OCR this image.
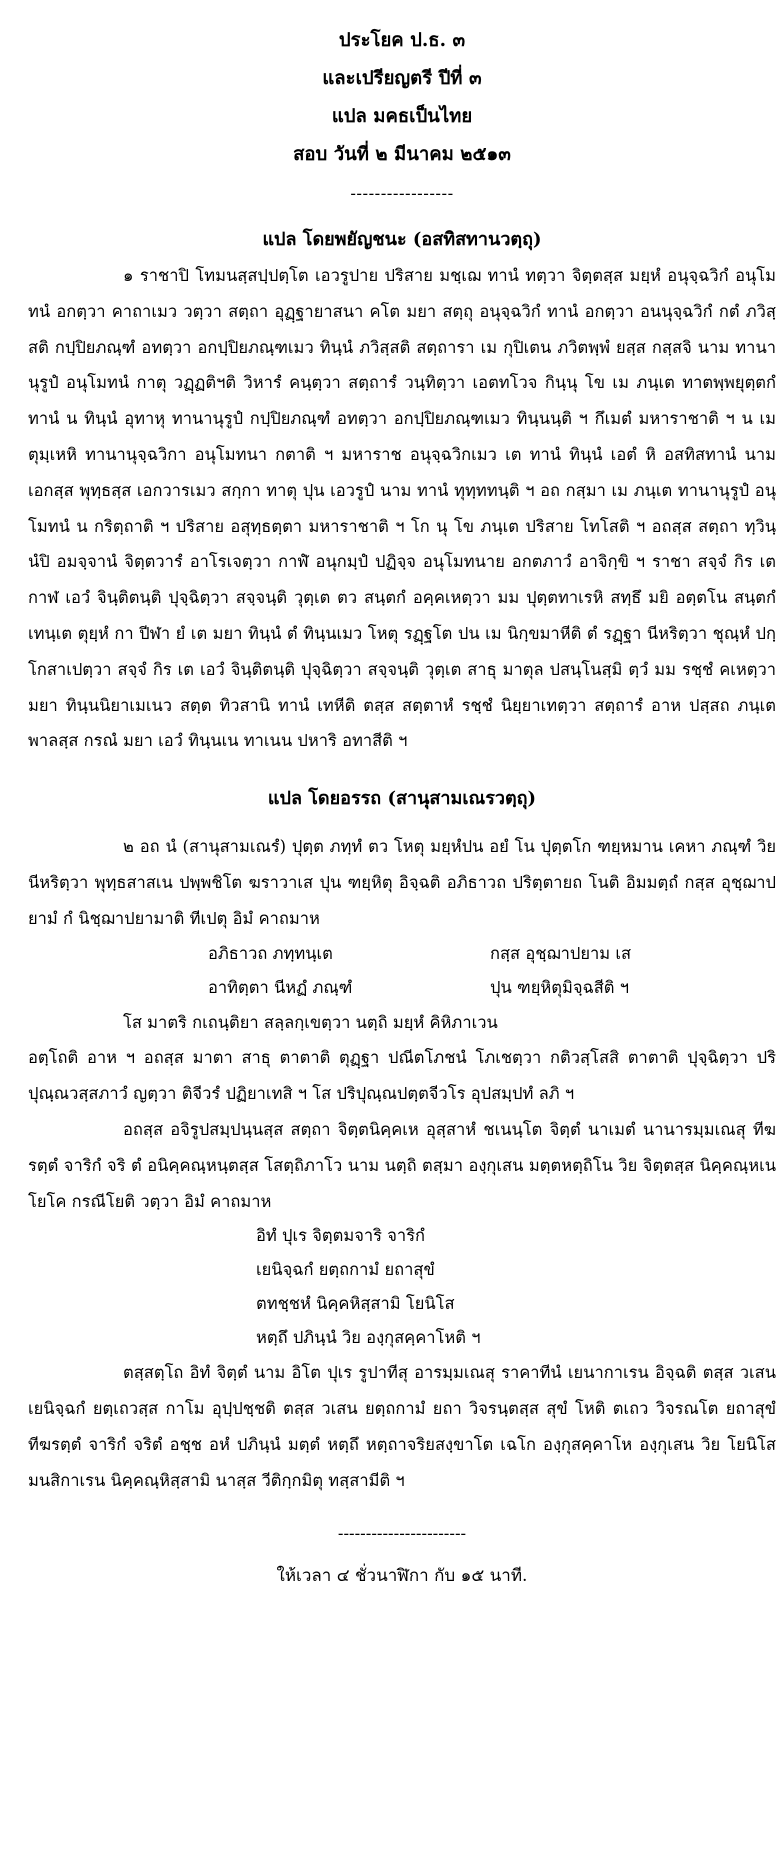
ประโยค ป.ธ. ๓

และเปรียญตรี ปีที่ ๓

แปล มคธเป็นไทย

สอบ วันที่ ๒ มีนาคม ๒๕๑๓

-----------------
แปล โดยพยัญชนะ (อสทิสทานวตฺถุ)

๑ ราชาปิ โทมนสฺสปฺปตฺโต เอวรูปาย ปริสาย มชฺเฌ ทานํ ทตฺวา จิตฺตสฺส มยฺหํ อนุจฺฉวิกํ อนุโมทนํ อกตฺวา คาถาเมว วตฺวา สตฺถา อุฏฺฐายาสนา คโต มยา สตฺถุ อนุจฺฉวิกํ ทานํ อกตฺวา อนนุจฺฉวิกํ กตํ ภวิสฺสติ กปฺปิยภณฺฑํ อทตฺวา อกปฺปิยภณฺฑเมว ทินฺนํ ภวิสฺสติ สตฺถารา เม กุปิเตน ภวิตพฺพํ ยสฺส กสฺสจิ นาม ทานานุรูปํ อนุโมทนํ กาตุ วฏฺฏติฯติ วิหารํ คนฺตฺวา สตฺถารํ วนฺทิตฺวา เอตทโวจ กินฺนุ โข เม ภนฺเต ทาตพฺพยุตฺตกํ ทานํ น ทินฺนํ อุทาหุ ทานานุรูปํ กปฺปิยภณฺฑํ อทตฺวา อกปฺปิยภณฺฑเมว ทินฺนนฺติ ฯ กึเมตํ มหาราชาติ ฯ น เม ตุมฺเหหิ ทานานุจฺฉวิกา อนุโมทนา กตาติ ฯ มหาราช อนุจฺฉวิกเมว เต ทานํ ทินฺนํ เอตํ หิ อสทิสทานํ นาม เอกสฺส พุทฺธสฺส เอกวารเมว สกฺกา ทาตุ ปุน เอวรูปํ นาม ทานํ ทุทฺททนฺติ ฯ อถ กสฺมา เม ภนฺเต ทานานุรูปํ อนุโมทนํ น กริตฺถาติ ฯ ปริสาย อสุทฺธตฺตา มหาราชาติ ฯ โก นุ โข ภนฺเต ปริสาย โทโสติ ฯ อถสฺส สตฺถา ทฺวินฺนํปิ อมจฺจานํ จิตฺตวารํ อาโรเจตฺวา กาฬํ อนุกมฺปํ ปฏิจฺจ อนุโมทนาย อกตภาวํ อาจิกฺขิ ฯ ราชา สจฺจํ กิร เต กาฬ เอวํ จินฺติตนฺติ ปุจฺฉิตฺวา สจฺจนฺติ วุตฺเต ตว สนฺตกํ อคฺคเหตฺวา มม ปุตฺตทาเรหิ สทฺธึ มยิ อตฺตโน สนฺตกํ เทนฺเต ตุยฺหํ กา ปีฬา ยํ เต มยา ทินฺนํ ตํ ทินฺนเมว โหตุ รฏฺฐโต ปน เม นิกฺขมาหีติ ตํ รฏฺฐา นีหริตฺวา ชุณฺหํ ปกฺโกสาเปตฺวา สจฺจํ กิร เต เอวํ จินฺติตนฺติ ปุจฺฉิตฺวา สจฺจนฺติ วุตฺเต สาธุ มาตุล ปสนฺโนสฺมิ ตฺวํ มม รชฺชํ คเหตฺวา มยา ทินฺนนิยาเมเนว สตฺต ทิวสานิ ทานํ เทหีติ ตสฺส สตฺตาหํ รชฺชํ นิยฺยาเทตฺวา สตฺถารํ อาห ปสฺสถ ภนฺเต พาลสฺส กรณํ มยา เอวํ ทินฺนเน ทาเนน ปหาริ อทาสีติ ฯ

แปล โดยอรรถ (สานุสามเณรวตฺถุ)

๒ อถ นํ (สานุสามเณรํ) ปุตฺต ภทฺทํ ตว โหตุ มยฺหํปน อยํ โน ปุตฺตโก ฑยฺหมาน เคหา ภณฺฑํ วิย นีหริตฺวา พุทฺธสาสเน ปพฺพชิโต ฆราวาเส ปุน ฑยฺหิตุ อิจฺฉติ อภิธาวถ ปริตฺตายถ โนติ อิมมตฺถํ กสฺส อุชฺฌาปยามํ กํ นิชฺฌาปยามาติ ทีเปตุ อิมํ คาถมาห

อภิธาวถ ภทฺทนฺเต	กสฺส อุชฺฌาปยาม เส
อาทิตฺตา นีหฏํ ภณฺฑํ	ปุน ฑยฺหิตุมิจฺฉสีติ ฯ

โส มาตริ กเถนฺติยา สลฺลกฺเขตฺวา นตฺถิ มยฺหํ คิหิภาเวน

อตฺโถติ อาห ฯ อถสฺส มาตา สาธุ ตาตาติ ตุฏฺฐา ปณีตโภชนํ โภเชตฺวา กติวสฺโสสิ ตาตาติ ปุจฺฉิตฺวา ปริปุณฺณวสฺสภาวํ ญตฺวา ติจีวรํ ปฏิยาเทสิ ฯ โส ปริปุณฺณปตฺตจีวโร อุปสมฺปทํ ลภิ ฯ

อถสฺส อจิรูปสมฺปนฺนสฺส สตฺถา จิตฺตนิคฺคเห อุสฺสาหํ ชเนนฺโต จิตฺตํ นาเมตํ นานารมฺมเณสุ ทีฆรตฺตํ จาริกํ จริ ตํ อนิคฺคณฺหนฺตสฺส โสตฺถิภาโว นาม นตฺถิ ตสฺมา องฺกุเสน มตฺตหตฺถิโน วิย จิตฺตสฺส นิคฺคณฺหเน โยโค กรณีโยติ วตฺวา อิมํ คาถมาห

อิทํ ปุเร จิตฺตมจาริ จาริกํ
เยนิจฺฉกํ ยตฺถกามํ ยถาสุขํ
ตทชฺชหํ นิคฺคหิสฺสามิ โยนิโส
หตฺถึ ปภินฺนํ วิย องฺกุสคฺคาโหติ ฯ

ตสฺสตฺโถ อิทํ จิตฺตํ นาม อิโต ปุเร รูปาทีสุ อารมฺมเณสุ ราคาทีนํ เยนากาเรน อิจฺฉติ ตสฺส วเสน เยนิจฺฉกํ ยตฺเถวสฺส กาโม อุปฺปชฺชติ ตสฺส วเสน ยตฺถกามํ ยถา วิจรนฺตสฺส สุขํ โหติ ตเถว วิจรณโต ยถาสุขํ ทีฆรตฺตํ จาริกํ จริตํ อชฺช อหํ ปภินฺนํ มตฺตํ หตฺถึ หตฺถาจริยสงฺขาโต เฉโก องฺกุสคฺคาโห องฺกุเสน วิย โยนิโส มนสิกาเรน นิคฺคณฺหิสฺสามิ นาสฺส วีติกฺกมิตุ ทสฺสามีติ ฯ

-----------------------
ให้เวลา ๔ ชั่วนาฬิกา กับ ๑๕ นาที.
